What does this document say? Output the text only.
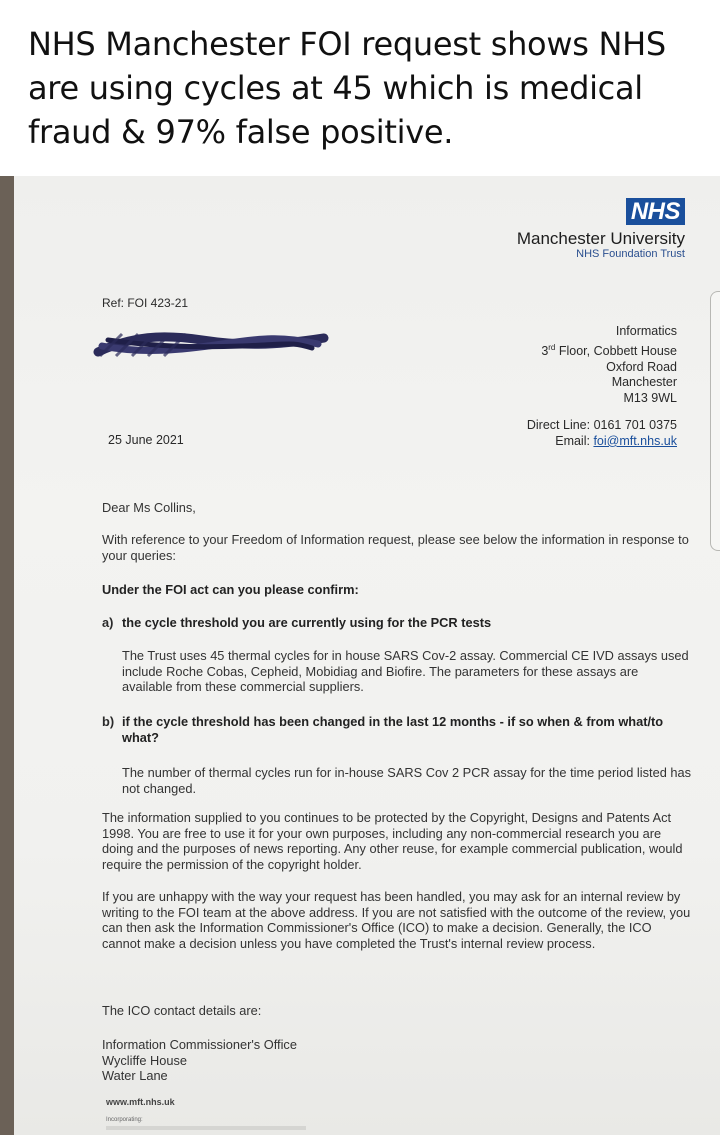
NHS Manchester FOI request shows NHS are using cycles at 45 which is medical fraud & 97% false positive.
NHS
Manchester University
NHS Foundation Trust
Ref: FOI 423-21
Informatics
3rd Floor, Cobbett House
Oxford Road
Manchester
M13 9WL
Direct Line: 0161 701 0375
Email: foi@mft.nhs.uk
25 June 2021
Dear Ms Collins,
With reference to your Freedom of Information request, please see below the information in response to your queries:
Under the FOI act can you please confirm:
a) the cycle threshold you are currently using for the PCR tests
The Trust uses 45 thermal cycles for in house SARS Cov-2 assay. Commercial CE IVD assays used include Roche Cobas, Cepheid, Mobidiag and Biofire. The parameters for these assays are available from these commercial suppliers.
b) if the cycle threshold has been changed in the last 12 months - if so when & from what/to what?
The number of thermal cycles run for in-house SARS Cov 2 PCR assay for the time period listed has not changed.
The information supplied to you continues to be protected by the Copyright, Designs and Patents Act 1998. You are free to use it for your own purposes, including any non-commercial research you are doing and the purposes of news reporting. Any other reuse, for example commercial publication, would require the permission of the copyright holder.
If you are unhappy with the way your request has been handled, you may ask for an internal review by writing to the FOI team at the above address. If you are not satisfied with the outcome of the review, you can then ask the Information Commissioner's Office (ICO) to make a decision. Generally, the ICO cannot make a decision unless you have completed the Trust's internal review process.
The ICO contact details are:
Information Commissioner's Office
Wycliffe House
Water Lane
www.mft.nhs.uk
Incorporating:
